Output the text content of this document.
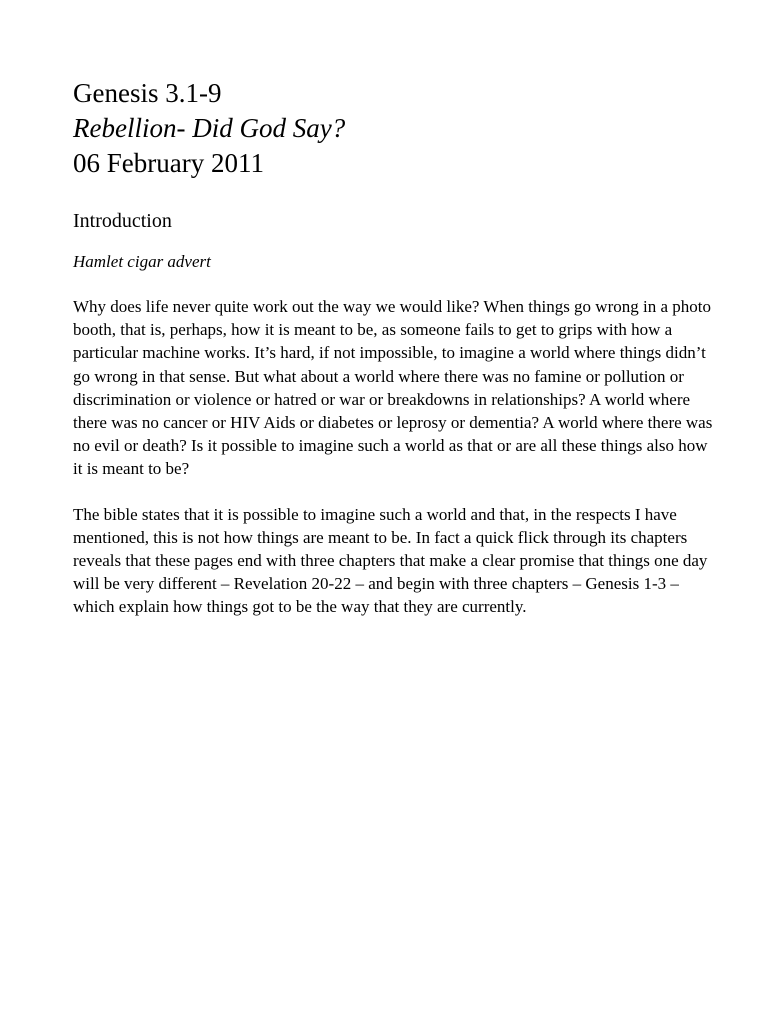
Genesis 3.1-9
Rebellion- Did God Say?
06 February 2011
Introduction

Hamlet cigar advert

Why does life never quite work out the way we would like? When things go wrong in a photo booth, that is, perhaps, how it is meant to be, as someone fails to get to grips with how a particular machine works. It’s hard, if not impossible, to imagine a world where things didn’t go wrong in that sense. But what about a world where there was no famine or pollution or discrimination or violence or hatred or war or breakdowns in relationships? A world where there was no cancer or HIV Aids or diabetes or leprosy or dementia? A world where there was no evil or death? Is it possible to imagine such a world as that or are all these things also how it is meant to be?

The bible states that it is possible to imagine such a world and that, in the respects I have mentioned, this is not how things are meant to be. In fact a quick flick through its chapters reveals that these pages end with three chapters that make a clear promise that things one day will be very different – Revelation 20-22 – and begin with three chapters – Genesis 1-3 – which explain how things got to be the way that they are currently.
